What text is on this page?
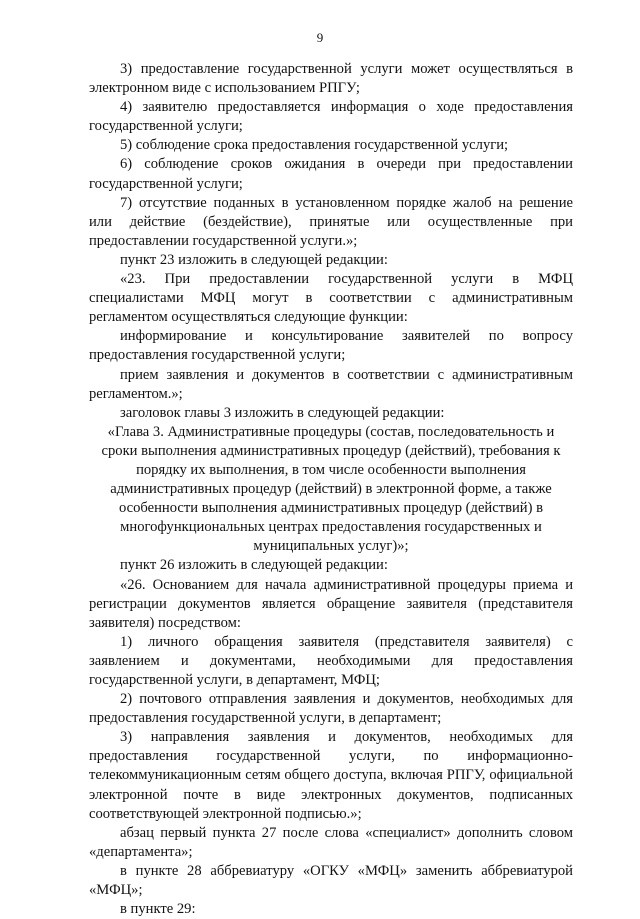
9

3) предоставление государственной услуги может осуществляться в электронном виде с использованием РПГУ;

4) заявителю предоставляется информация о ходе предоставления государственной услуги;

5) соблюдение срока предоставления государственной услуги;

6) соблюдение сроков ожидания в очереди при предоставлении государственной услуги;

7) отсутствие поданных в установленном порядке жалоб на решение или действие (бездействие), принятые или осуществленные при предоставлении государственной услуги.»;

пункт 23 изложить в следующей редакции:

«23. При предоставлении государственной услуги в МФЦ специалистами МФЦ могут в соответствии с административным регламентом осуществляться следующие функции:

информирование и консультирование заявителей по вопросу предоставления государственной услуги;

прием заявления и документов в соответствии с административным регламентом.»;

заголовок главы 3 изложить в следующей редакции:

«Глава 3. Административные процедуры (состав, последовательность и сроки выполнения административных процедур (действий), требования к порядку их выполнения, в том числе особенности выполнения административных процедур (действий) в электронной форме, а также особенности выполнения административных процедур (действий) в многофункциональных центрах предоставления государственных и муниципальных услуг)»;

пункт 26 изложить в следующей редакции:

«26. Основанием для начала административной процедуры приема и регистрации документов является обращение заявителя (представителя заявителя) посредством:

1) личного обращения заявителя (представителя заявителя) с заявлением и документами, необходимыми для предоставления государственной услуги, в департамент, МФЦ;

2) почтового отправления заявления и документов, необходимых для предоставления государственной услуги, в департамент;

3) направления заявления и документов, необходимых для предоставления государственной услуги, по информационно-телекоммуникационным сетям общего доступа, включая РПГУ, официальной электронной почте в виде электронных документов, подписанных соответствующей электронной подписью.»;

абзац первый пункта 27 после слова «специалист» дополнить словом «департамента»;

в пункте 28 аббревиатуру «ОГКУ «МФЦ» заменить аббревиатурой «МФЦ»;

в пункте 29:
